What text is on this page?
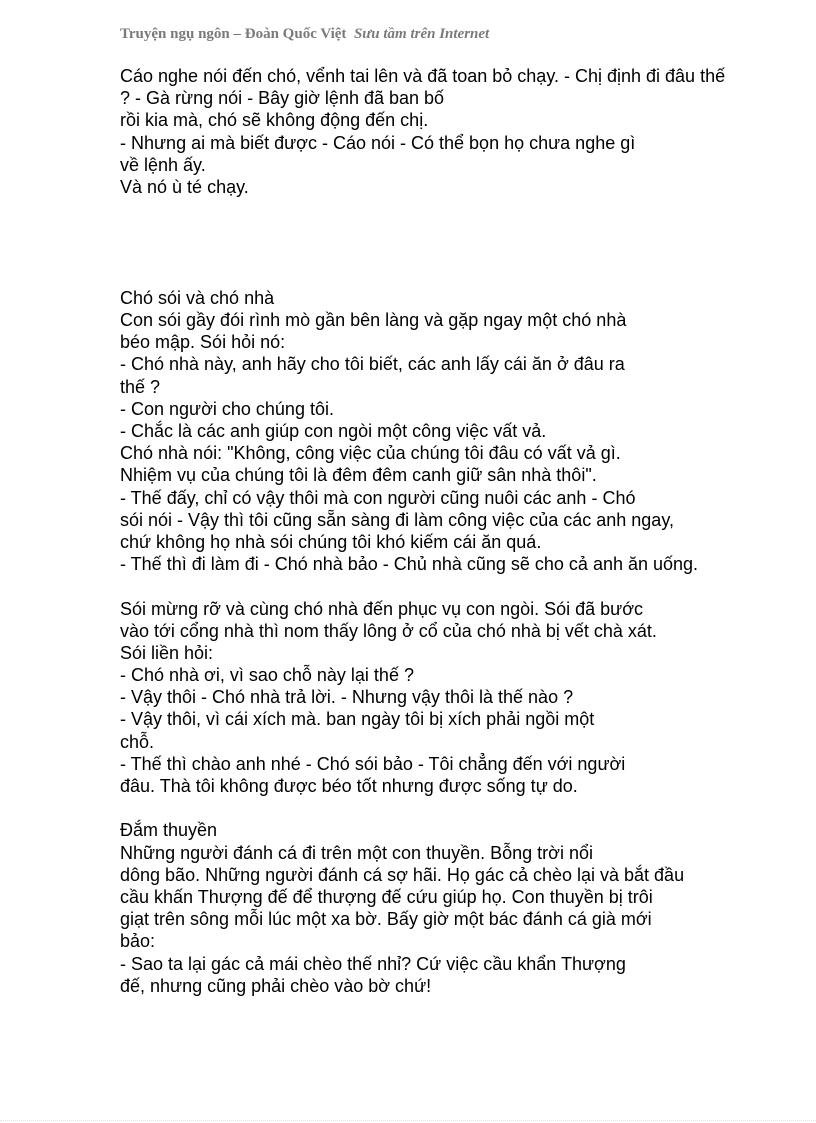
Truyện ngụ ngôn – Đoàn Quốc Việt Sưu tầm trên Internet
Cáo nghe nói đến chó, vểnh tai lên và đã toan bỏ chạy. - Chị định đi đâu thế
? - Gà rừng nói - Bây giờ lệnh đã ban bố
rồi kia mà, chó sẽ không động đến chị.
- Nhưng ai mà biết được - Cáo nói - Có thể bọn họ chưa nghe gì
về lệnh ấy.
Và nó ù té chạy.
Chó sói và chó nhà
Con sói gầy đói rình mò gần bên làng và gặp ngay một chó nhà
béo mập. Sói hỏi nó:
- Chó nhà này, anh hãy cho tôi biết, các anh lấy cái ăn ở đâu ra
thế ?
- Con người cho chúng tôi.
- Chắc là các anh giúp con ngòi một công việc vất vả.
Chó nhà nói: "Không, công việc của chúng tôi đâu có vất vả gì.
Nhiệm vụ của chúng tôi là đêm đêm canh giữ sân nhà thôi".
- Thế đấy, chỉ có vậy thôi mà con người cũng nuôi các anh - Chó
sói nói - Vậy thì tôi cũng sẵn sàng đi làm công việc của các anh ngay,
chứ không họ nhà sói chúng tôi khó kiếm cái ăn quá.
- Thế thì đi làm đi - Chó nhà bảo - Chủ nhà cũng sẽ cho cả anh ăn uống.
Sói mừng rỡ và cùng chó nhà đến phục vụ con ngòi. Sói đã bước
vào tới cổng nhà thì nom thấy lông ở cổ của chó nhà bị vết chà xát.
Sói liền hỏi:
- Chó nhà ơi, vì sao chỗ này lại thế ?
- Vậy thôi - Chó nhà trả lời. - Nhưng vậy thôi là thế nào ?
- Vậy thôi, vì cái xích mà. ban ngày tôi bị xích phải ngồi một
chỗ.
- Thế thì chào anh nhé - Chó sói bảo - Tôi chẳng đến với người
đâu. Thà tôi không được béo tốt nhưng được sống tự do.
Đắm thuyền
Những người đánh cá đi trên một con thuyền. Bỗng trời nổi
dông bão. Những người đánh cá sợ hãi. Họ gác cả chèo lại và bắt đầu
cầu khấn Thượng đế để thượng đế cứu giúp họ. Con thuyền bị trôi
giạt trên sông mỗi lúc một xa bờ. Bấy giờ một bác đánh cá già mới
bảo:
- Sao ta lại gác cả mái chèo thế nhỉ? Cứ việc cầu khẩn Thượng
đế, nhưng cũng phải chèo vào bờ chứ!
